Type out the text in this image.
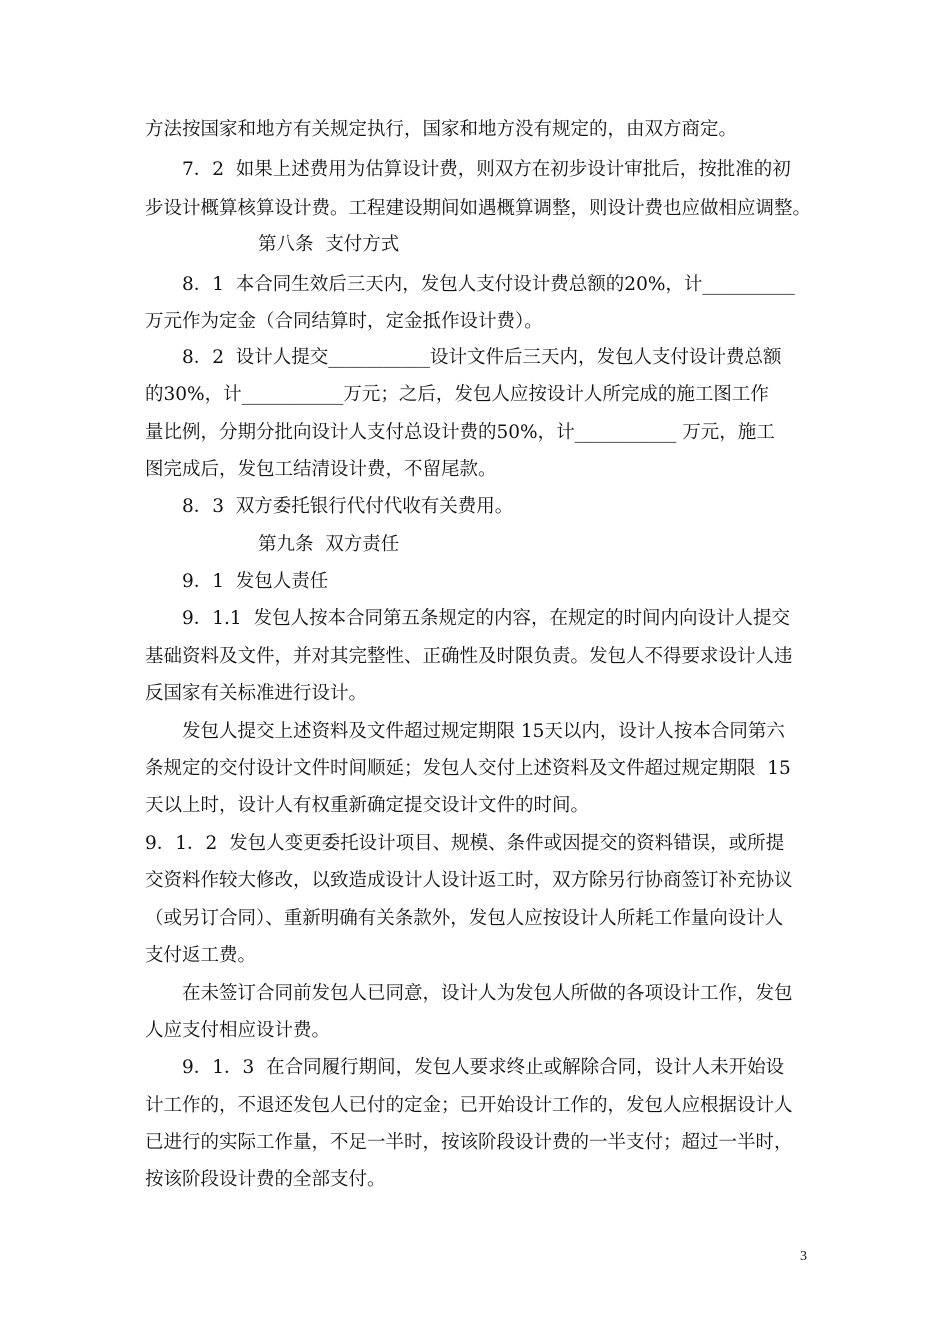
方法按国家和地方有关规定执行，国家和地方没有规定的，由双方商定。
7．2  如果上述费用为估算设计费，则双方在初步设计审批后，按批准的初
步设计概算核算设计费。工程建设期间如遇概算调整，则设计费也应做相应调整。
第八条  支付方式
8．1  本合同生效后三天内，发包人支付设计费总额的20%，计__________
万元作为定金（合同结算时，定金抵作设计费）。
8．2  设计人提交___________设计文件后三天内，发包人支付设计费总额
的30%，计___________万元；之后，发包人应按设计人所完成的施工图工作
量比例，分期分批向设计人支付总设计费的50%，计___________ 万元，施工
图完成后，发包工结清设计费，不留尾款。
8．3  双方委托银行代付代收有关费用。
第九条  双方责任
9．1  发包人责任
9．1.1  发包人按本合同第五条规定的内容，在规定的时间内向设计人提交
基础资料及文件，并对其完整性、正确性及时限负责。发包人不得要求设计人违
反国家有关标准进行设计。
发包人提交上述资料及文件超过规定期限 15天以内，设计人按本合同第六
条规定的交付设计文件时间顺延；发包人交付上述资料及文件超过规定期限  15
天以上时，设计人有权重新确定提交设计文件的时间。
9．1．2  发包人变更委托设计项目、规模、条件或因提交的资料错误，或所提
交资料作较大修改，以致造成设计人设计返工时，双方除另行协商签订补充协议
（或另订合同）、重新明确有关条款外，发包人应按设计人所耗工作量向设计人
支付返工费。
在未签订合同前发包人已同意，设计人为发包人所做的各项设计工作，发包
人应支付相应设计费。
9．1．3  在合同履行期间，发包人要求终止或解除合同，设计人未开始设
计工作的，不退还发包人已付的定金；已开始设计工作的，发包人应根据设计人
已进行的实际工作量，不足一半时，按该阶段设计费的一半支付；超过一半时，
按该阶段设计费的全部支付。
3
